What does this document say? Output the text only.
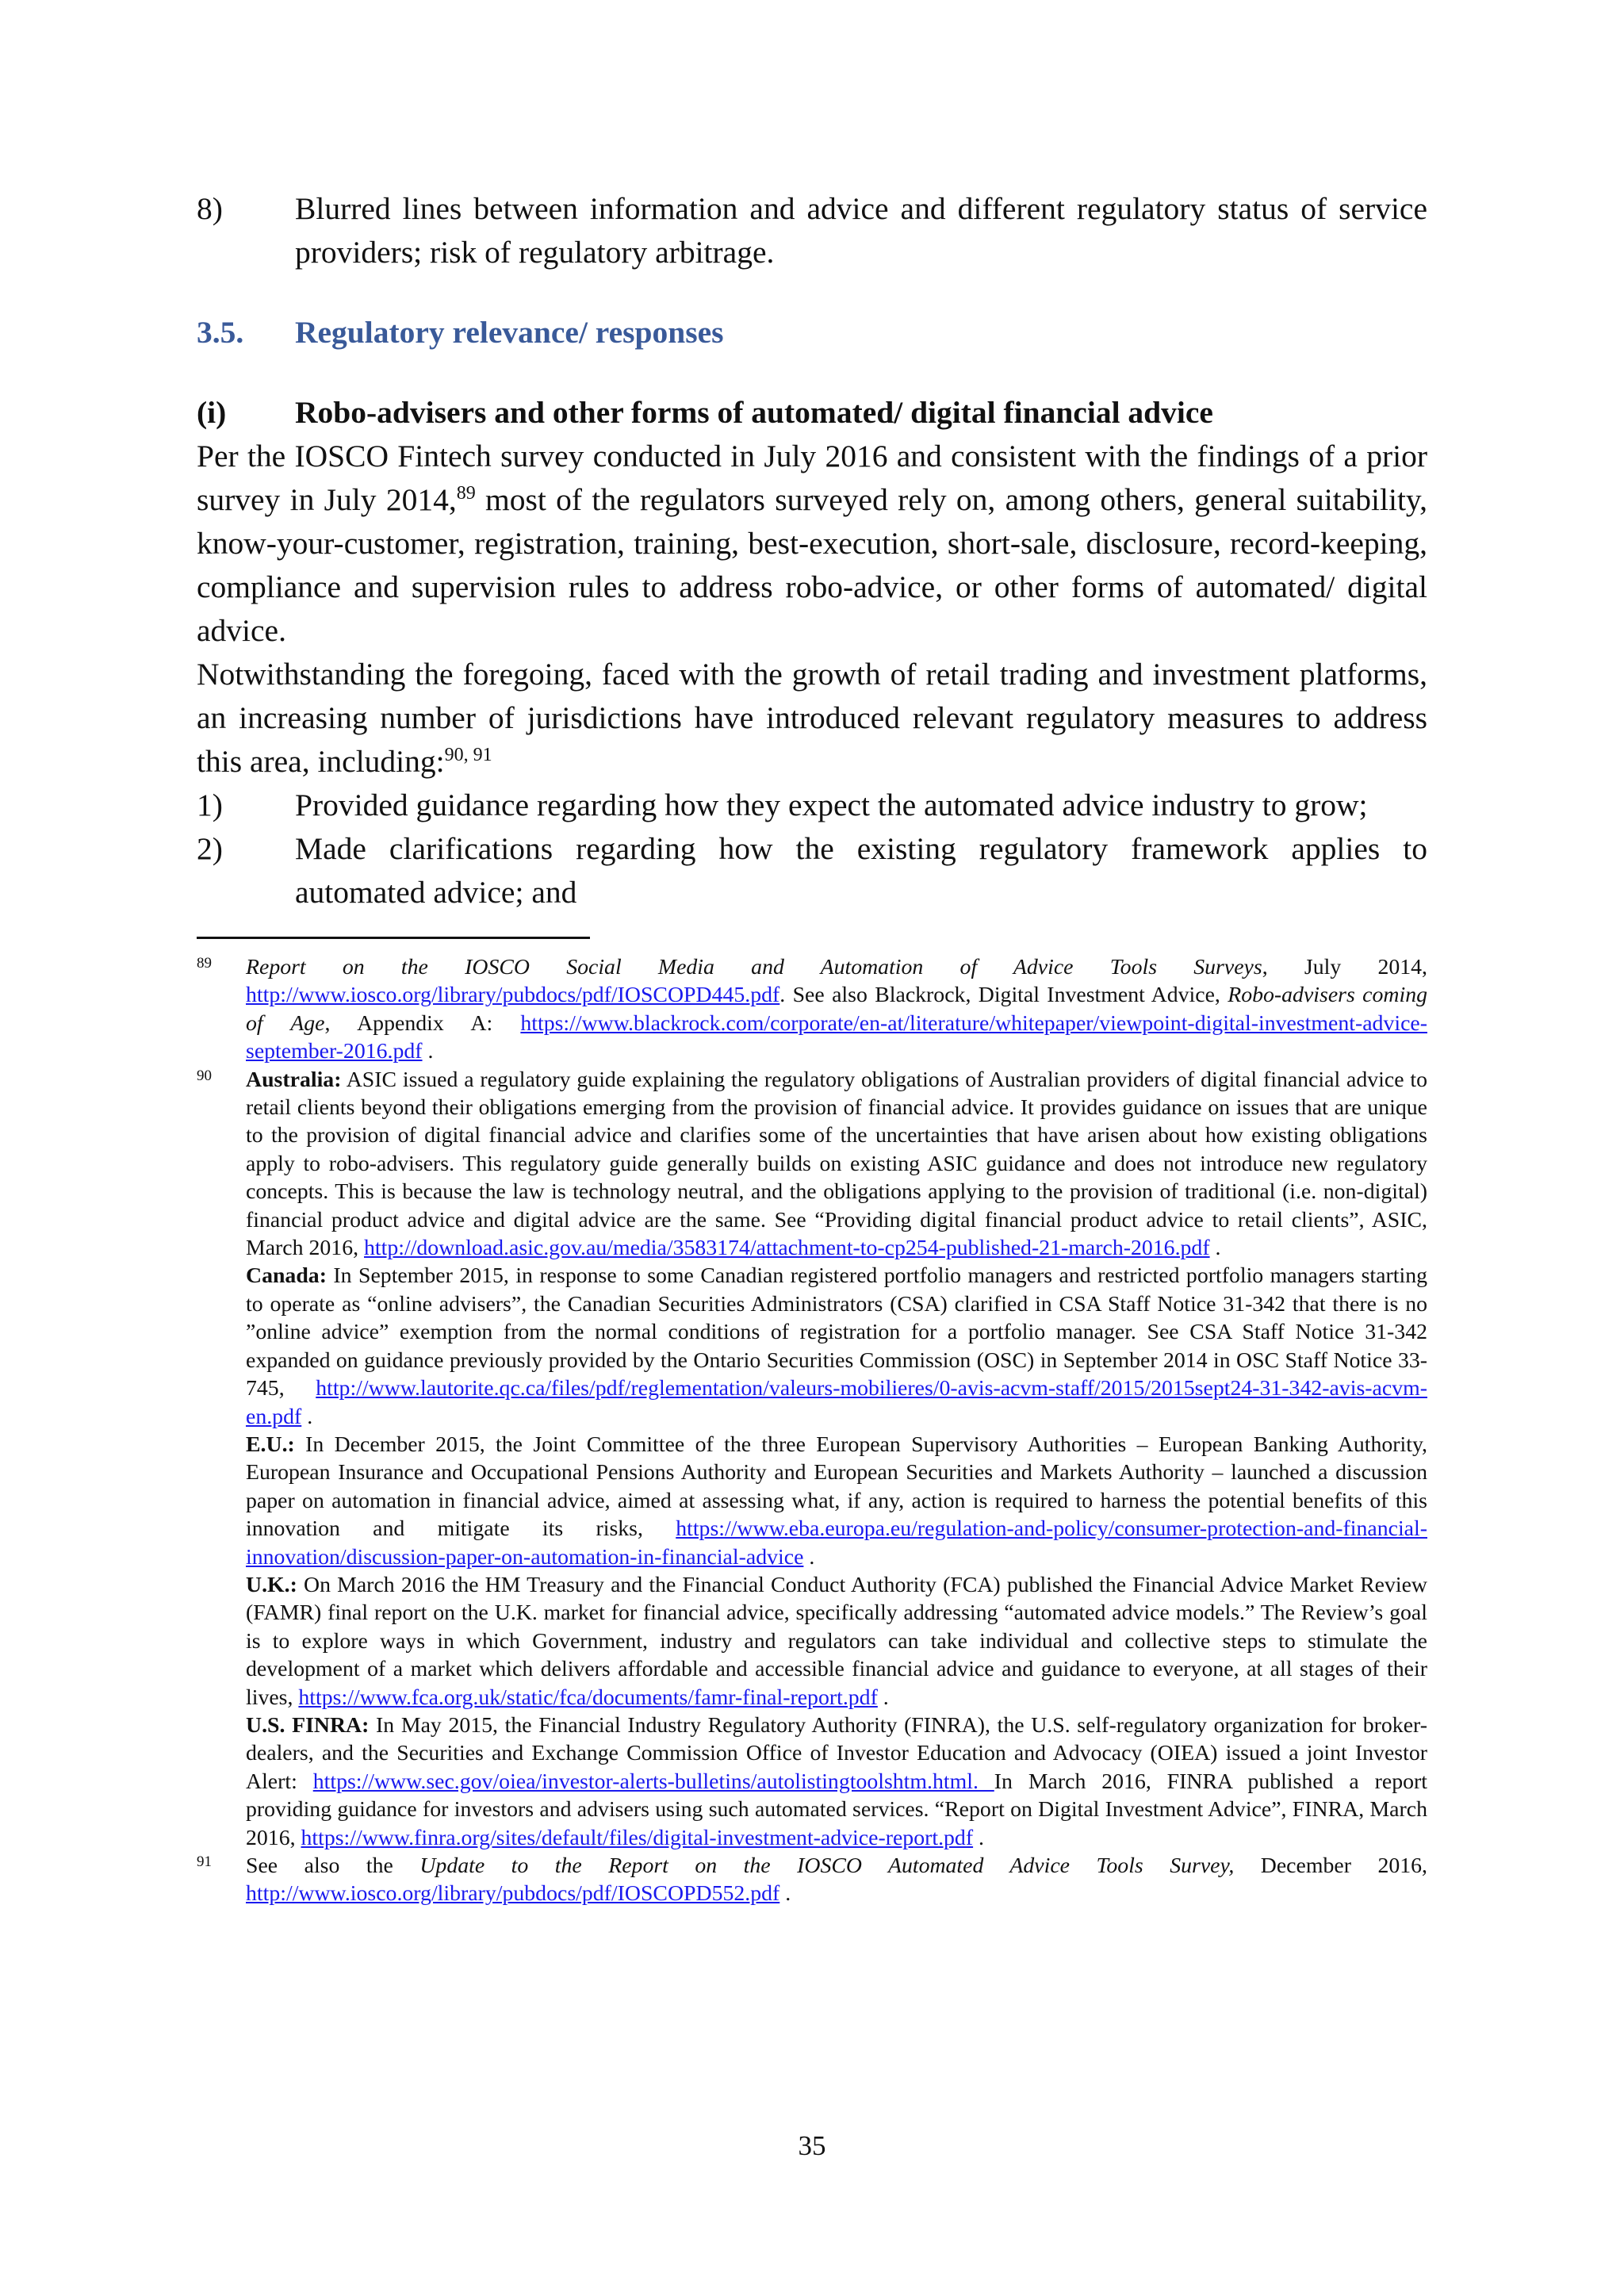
8)	Blurred lines between information and advice and different regulatory status of service providers; risk of regulatory arbitrage.
3.5.	Regulatory relevance/ responses
(i)	Robo-advisers and other forms of automated/ digital financial advice

Per the IOSCO Fintech survey conducted in July 2016 and consistent with the findings of a prior survey in July 2014,89 most of the regulators surveyed rely on, among others, general suitability, know-your-customer, registration, training, best-execution, short-sale, disclosure, record-keeping, compliance and supervision rules to address robo-advice, or other forms of automated/ digital advice.

Notwithstanding the foregoing, faced with the growth of retail trading and investment platforms, an increasing number of jurisdictions have introduced relevant regulatory measures to address this area, including:$^{90, 91}$

1)	Provided guidance regarding how they expect the automated advice industry to grow;
2)	Made clarifications regarding how the existing regulatory framework applies to automated advice; and
89	Report on the IOSCO Social Media and Automation of Advice Tools Surveys, July 2014, http://www.iosco.org/library/pubdocs/pdf/IOSCOPD445.pdf. See also Blackrock, Digital Investment Advice, Robo-advisers coming of Age, Appendix A: https://www.blackrock.com/corporate/en-at/literature/whitepaper/viewpoint-digital-investment-advice-september-2016.pdf .
90	Australia: ASIC issued a regulatory guide explaining the regulatory obligations of Australian providers of digital financial advice to retail clients beyond their obligations emerging from the provision of financial advice. It provides guidance on issues that are unique to the provision of digital financial advice and clarifies some of the uncertainties that have arisen about how existing obligations apply to robo-advisers. This regulatory guide generally builds on existing ASIC guidance and does not introduce new regulatory concepts. This is because the law is technology neutral, and the obligations applying to the provision of traditional (i.e. non-digital) financial product advice and digital advice are the same. See “Providing digital financial product advice to retail clients”, ASIC, March 2016, http://download.asic.gov.au/media/3583174/attachment-to-cp254-published-21-march-2016.pdf .

Canada: In September 2015, in response to some Canadian registered portfolio managers and restricted portfolio managers starting to operate as “online advisers”, the Canadian Securities Administrators (CSA) clarified in CSA Staff Notice 31-342 that there is no ”online advice” exemption from the normal conditions of registration for a portfolio manager. See CSA Staff Notice 31-342 expanded on guidance previously provided by the Ontario Securities Commission (OSC) in September 2014 in OSC Staff Notice 33-745, http://www.lautorite.qc.ca/files/pdf/reglementation/valeurs-mobilieres/0-avis-acvm-staff/2015/2015sept24-31-342-avis-acvm-en.pdf .

E.U.: In December 2015, the Joint Committee of the three European Supervisory Authorities – European Banking Authority, European Insurance and Occupational Pensions Authority and European Securities and Markets Authority – launched a discussion paper on automation in financial advice, aimed at assessing what, if any, action is required to harness the potential benefits of this innovation and mitigate its risks, https://www.eba.europa.eu/regulation-and-policy/consumer-protection-and-financial-innovation/discussion-paper-on-automation-in-financial-advice .

U.K.: On March 2016 the HM Treasury and the Financial Conduct Authority (FCA) published the Financial Advice Market Review (FAMR) final report on the U.K. market for financial advice, specifically addressing “automated advice models.” The Review’s goal is to explore ways in which Government, industry and regulators can take individual and collective steps to stimulate the development of a market which delivers affordable and accessible financial advice and guidance to everyone, at all stages of their lives, https://www.fca.org.uk/static/fca/documents/famr-final-report.pdf .

U.S. FINRA: In May 2015, the Financial Industry Regulatory Authority (FINRA), the U.S. self-regulatory organization for broker-dealers, and the Securities and Exchange Commission Office of Investor Education and Advocacy (OIEA) issued a joint Investor Alert: https://www.sec.gov/oiea/investor-alerts-bulletins/autolistingtoolshtm.html. In March 2016, FINRA published a report providing guidance for investors and advisers using such automated services. “Report on Digital Investment Advice”, FINRA, March 2016, https://www.finra.org/sites/default/files/digital-investment-advice-report.pdf .

91	See also the Update to the Report on the IOSCO Automated Advice Tools Survey, December 2016, http://www.iosco.org/library/pubdocs/pdf/IOSCOPD552.pdf .
35
